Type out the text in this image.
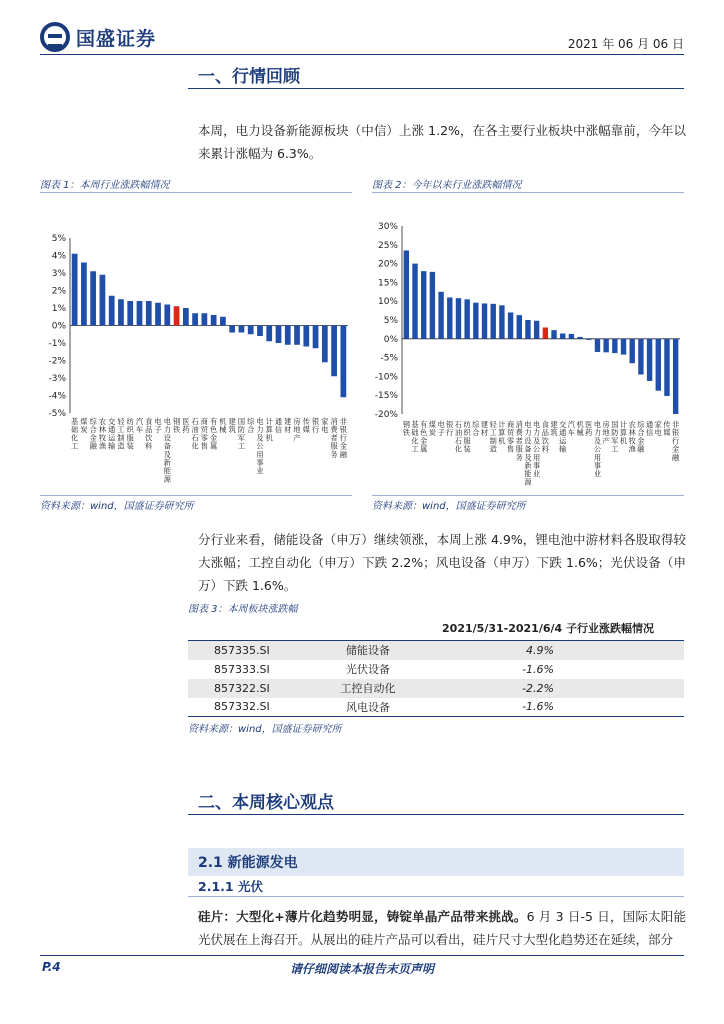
国盛证券	2021 年 06 月 06 日
一、行情回顾
本周，电力设备新能源板块（中信）上涨 1.2%，在各主要行业板块中涨幅靠前，今年以来累计涨幅为 6.3%。
图表 1：本周行业涨跌幅情况
5%
4%
3%
2%
1%
0%
-1%
-2%
-3%
-4%
-5%
基础化工
煤炭
综合金融
农林牧渔
交通运输
轻工制造
纺织服装
汽车
食品饮料
电子
电力设备及新能源
钢铁
医药
石油石化
商贸零售
有色金属
机械
建筑
国防军工
综合
电力及公用事业
计算机
通信
建材
房地产
传媒
银行
家电
消费者服务
非银行金融
资料来源：wind，国盛证券研究所
图表 2：今年以来行业涨跌幅情况
30%
25%
20%
15%
10%
5%
0%
-5%
-10%
-15%
-20%
钢铁
基础化工
有色金属
煤炭
电子
银行
石油石化
纺织服装
综合
建材
轻工制造
计算机
商贸零售
消费者服务
电力设备及新能源
电力及公用事业
食品饮料
建筑
交通运输
汽车
机械
医药
电力及公用事业
房地产
国防军工
计算机
农林牧渔
综合金融
通信
家电
传媒
非银行金融
资料来源：wind，国盛证券研究所
分行业来看，储能设备（申万）继续领涨，本周上涨 4.9%，锂电池中游材料各股取得较大涨幅；工控自动化（申万）下跌 2.2%；风电设备（申万）下跌 1.6%；光伏设备（申万）下跌 1.6%。
图表 3：本周板块涨跌幅
2021/5/31-2021/6/4 子行业涨跌幅情况		
857335.SI	储能设备	4.9%
857333.SI	光伏设备	-1.6%
857322.SI	工控自动化	-2.2%
857332.SI	风电设备	-1.6%
资料来源：wind，国盛证券研究所
二、本周核心观点
2.1 新能源发电
2.1.1 光伏
硅片：大型化+薄片化趋势明显，铸锭单晶产品带来挑战。6 月 3 日-5 日，国际太阳能光伏展在上海召开。从展出的硅片产品可以看出，硅片尺寸大型化趋势还在延续，部分
P.4	请仔细阅读本报告末页声明
